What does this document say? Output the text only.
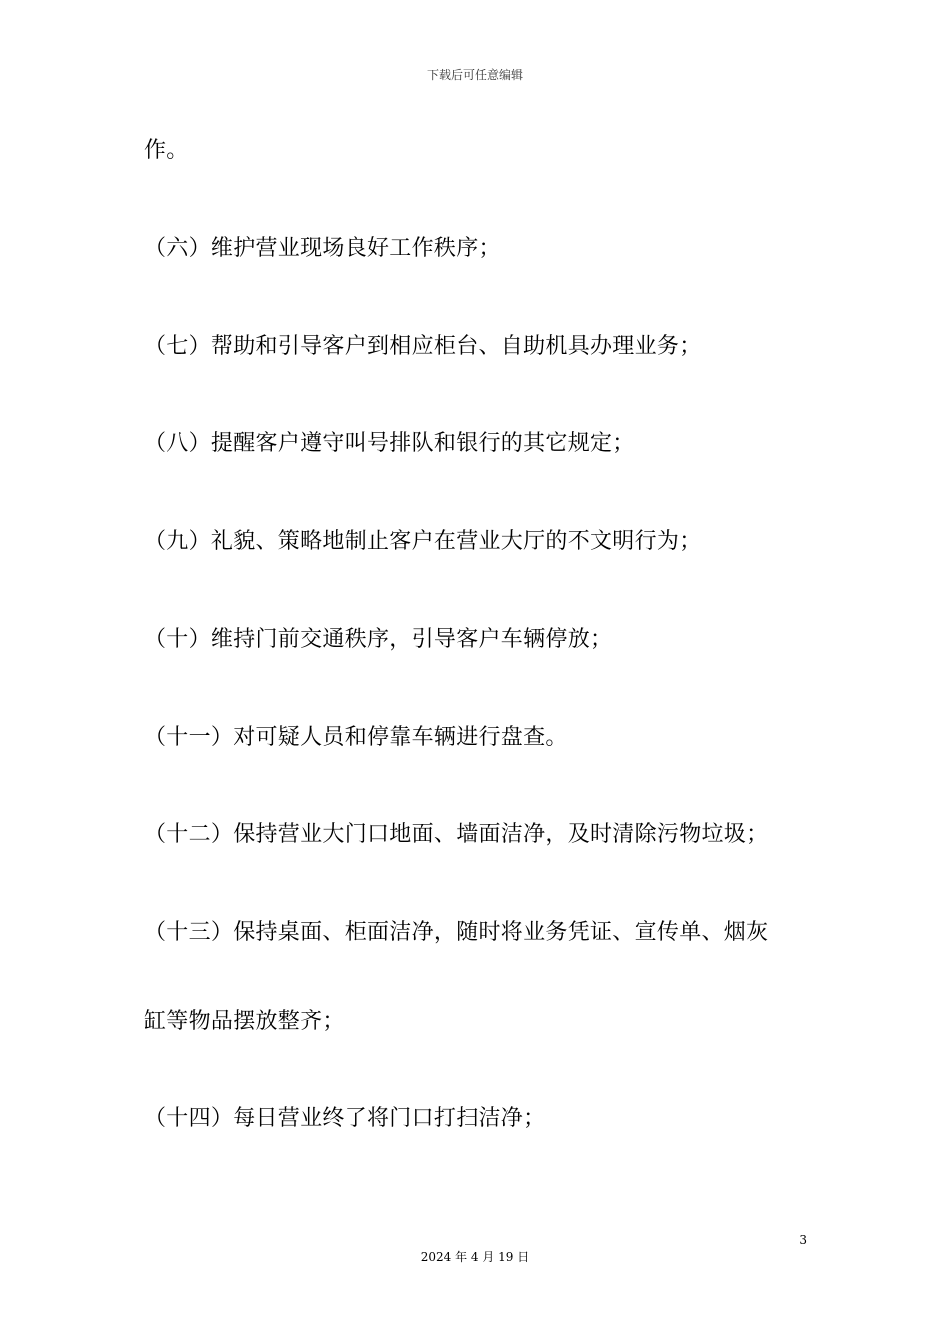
下载后可任意编辑
作。
（六）维护营业现场良好工作秩序；
（七）帮助和引导客户到相应柜台、自助机具办理业务；
（八）提醒客户遵守叫号排队和银行的其它规定；
（九）礼貌、策略地制止客户在营业大厅的不文明行为；
（十）维持门前交通秩序，引导客户车辆停放；
（十一）对可疑人员和停靠车辆进行盘查。
（十二）保持营业大门口地面、墙面洁净，及时清除污物垃圾；
（十三）保持桌面、柜面洁净，随时将业务凭证、宣传单、烟灰
缸等物品摆放整齐；
（十四）每日营业终了将门口打扫洁净；
3
2024 年 4 月 19 日
